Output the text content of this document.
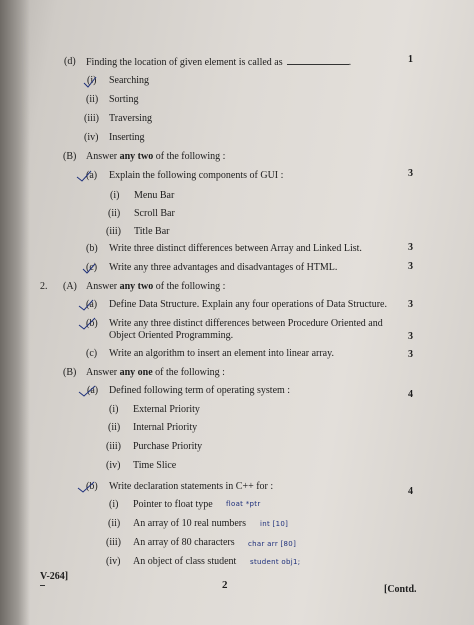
(d) Finding the location of given element is called as	.	1
(i) Searching
(ii) Sorting
(iii) Traversing
(iv) Inserting
(B) Answer any two of the following :
(a) Explain the following components of GUI :	3
(i) Menu Bar
(ii) Scroll Bar
(iii) Title Bar
(b) Write three distinct differences between Array and Linked List.	3
(c) Write any three advantages and disadvantages of HTML.	3
2. (A) Answer any two of the following :
(a) Define Data Structure. Explain any four operations of Data Structure. 3
(b) Write any three distinct differences between Procedure Oriented and
Object Oriented Programming.	3
(c) Write an algorithm to insert an element into linear array.	3
(B) Answer any one of the following :
(a) Defined following term of operating system :	4
(i) External Priority
(ii) Internal Priority
(iii) Purchase Priority
(iv) Time Slice
(b) Write declaration statements in C++ for :	4
(i) Pointer to float type float *ptr
(ii) An array of 10 real numbers int [10]
(iii) An array of 80 characters char arr [80]
(iv) An object of class student student obj1;
V-264]
2	[Contd.
